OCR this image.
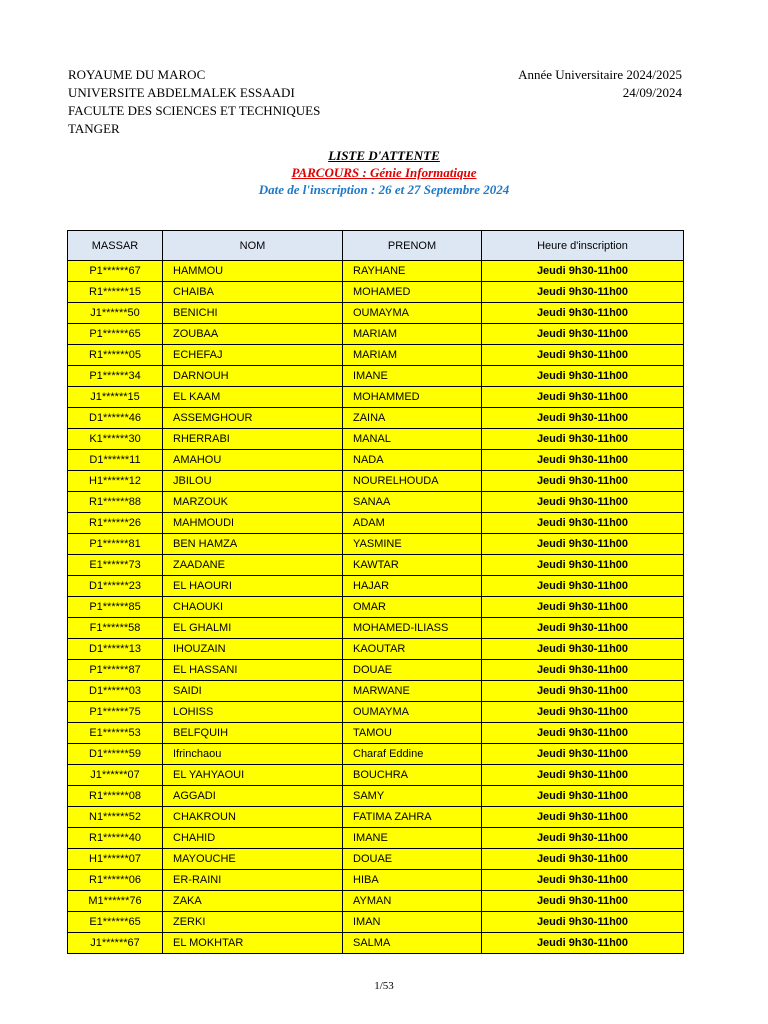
ROYAUME DU MAROC
UNIVERSITE ABDELMALEK ESSAADI
FACULTE DES SCIENCES ET TECHNIQUES
TANGER
Année Universitaire 2024/2025
24/09/2024
LISTE D'ATTENTE
PARCOURS : Génie Informatique
Date de l'inscription : 26 et 27 Septembre 2024
MASSAR	NOM	PRENOM	Heure d'inscription
P1******67	HAMMOU	RAYHANE	Jeudi 9h30-11h00
R1******15	CHAIBA	MOHAMED	Jeudi 9h30-11h00
J1******50	BENICHI	OUMAYMA	Jeudi 9h30-11h00
P1******65	ZOUBAA	MARIAM	Jeudi 9h30-11h00
R1******05	ECHEFAJ	MARIAM	Jeudi 9h30-11h00
P1******34	DARNOUH	IMANE	Jeudi 9h30-11h00
J1******15	EL KAAM	MOHAMMED	Jeudi 9h30-11h00
D1******46	ASSEMGHOUR	ZAINA	Jeudi 9h30-11h00
K1******30	RHERRABI	MANAL	Jeudi 9h30-11h00
D1******11	AMAHOU	NADA	Jeudi 9h30-11h00
H1******12	JBILOU	NOURELHOUDA	Jeudi 9h30-11h00
R1******88	MARZOUK	SANAA	Jeudi 9h30-11h00
R1******26	MAHMOUDI	ADAM	Jeudi 9h30-11h00
P1******81	BEN HAMZA	YASMINE	Jeudi 9h30-11h00
E1******73	ZAADANE	KAWTAR	Jeudi 9h30-11h00
D1******23	EL HAOURI	HAJAR	Jeudi 9h30-11h00
P1******85	CHAOUKI	OMAR	Jeudi 9h30-11h00
F1******58	EL GHALMI	MOHAMED-ILIASS	Jeudi 9h30-11h00
D1******13	IHOUZAIN	KAOUTAR	Jeudi 9h30-11h00
P1******87	EL HASSANI	DOUAE	Jeudi 9h30-11h00
D1******03	SAIDI	MARWANE	Jeudi 9h30-11h00
P1******75	LOHISS	OUMAYMA	Jeudi 9h30-11h00
E1******53	BELFQUIH	TAMOU	Jeudi 9h30-11h00
D1******59	Ifrinchaou	Charaf Eddine	Jeudi 9h30-11h00
J1******07	EL YAHYAOUI	BOUCHRA	Jeudi 9h30-11h00
R1******08	AGGADI	SAMY	Jeudi 9h30-11h00
N1******52	CHAKROUN	FATIMA ZAHRA	Jeudi 9h30-11h00
R1******40	CHAHID	IMANE	Jeudi 9h30-11h00
H1******07	MAYOUCHE	DOUAE	Jeudi 9h30-11h00
R1******06	ER-RAINI	HIBA	Jeudi 9h30-11h00
M1******76	ZAKA	AYMAN	Jeudi 9h30-11h00
E1******65	ZERKI	IMAN	Jeudi 9h30-11h00
J1******67	EL MOKHTAR	SALMA	Jeudi 9h30-11h00
1/53
